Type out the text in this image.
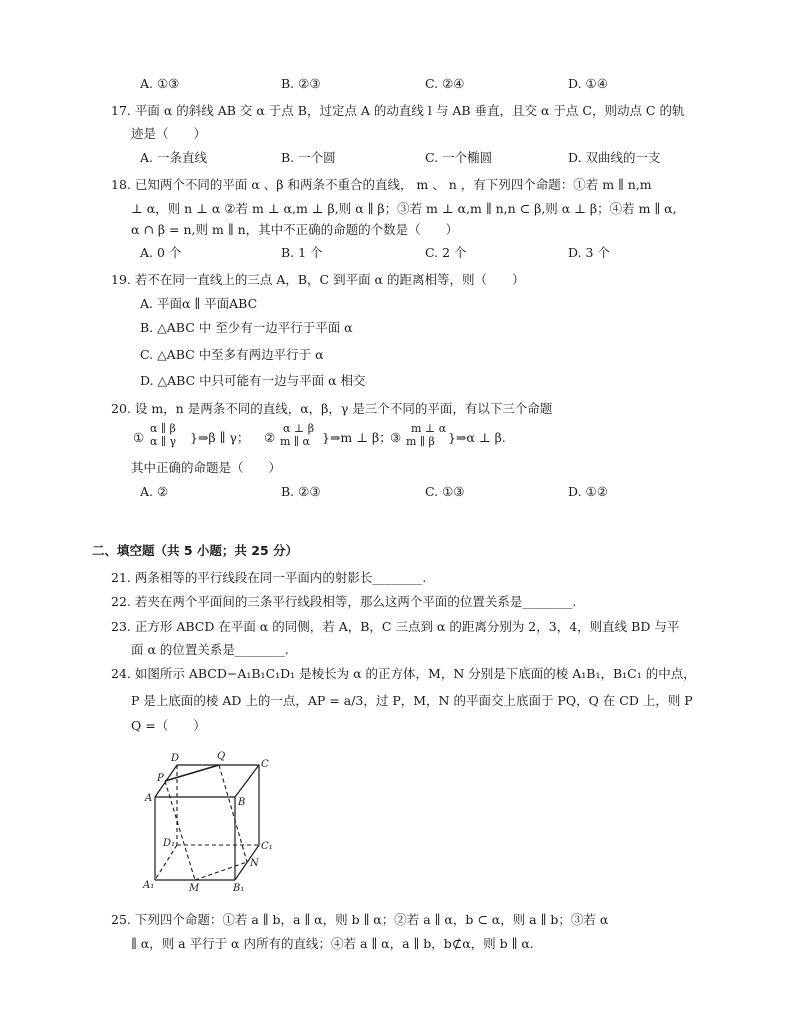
A. ①③	B. ②③	C. ②④	D. ①④
17. 平面 α 的斜线 AB 交 α 于点 B，过定点 A 的动直线 l 与 AB 垂直，且交 α 于点 C，则动点 C 的轨
迹是（　　）
A. 一条直线	B. 一个圆	C. 一个椭圆	D. 双曲线的一支
18. 已知两个不同的平面 α 、β 和两条不重合的直线， m 、 n ，有下列四个命题：①若 m ∥ n,m
⊥ α，则 n ⊥ α ②若 m ⊥ α,m ⊥ β,则 α ∥ β；③若 m ⊥ α,m ∥ n,n ⊂ β,则 α ⊥ β；④若 m ∥ α,
α ∩ β = n,则 m ∥ n，其中不正确的命题的个数是（　　）
A. 0 个	B. 1 个	C. 2 个	D. 3 个
19. 若不在同一直线上的三点 A，B，C 到平面 α 的距离相等，则（　　）
A. 平面α ∥ 平面ABC
B. △ABC 中 至少有一边平行于平面 α
C. △ABC 中至多有两边平行于 α
D. △ABC 中只可能有一边与平面 α 相交
20. 设 m，n 是两条不同的直线，α，β，γ 是三个不同的平面，有以下三个命题
①
α ∥ β
α ∥ γ }⇒β ∥ γ； ②
α ⊥ β
m ∥ α }⇒m ⊥ β；
③
m ⊥ α
m ∥ β }⇒α ⊥ β.
其中正确的命题是（　　）
A. ②	B. ②③	C. ①③	D. ①②
二、填空题（共 5 小题；共 25 分）
21. 两条相等的平行线段在同一平面内的射影长________.
22. 若夹在两个平面间的三条平行线段相等，那么这两个平面的位置关系是________.
23. 正方形 ABCD 在平面 α 的同侧，若 A，B，C 三点到 α 的距离分别为 2，3，4，则直线 BD 与平
面 α 的位置关系是________.
24. 如图所示 ABCD−A₁B₁C₁D₁ 是棱长为 α 的正方体，M，N 分别是下底面的棱 A₁B₁，B₁C₁ 的中点，
P 是上底面的棱 AD 上的一点，AP = a/3，过 P，M，N 的平面交上底面于 PQ，Q 在 CD 上，则 P
Q =（　　）
D	Q
C
P
A	B
D₁	C₁
N
A₁	M	B₁
25. 下列四个命题：①若 a ∥ b，a ∥ α，则 b ∥ α；②若 a ∥ α，b ⊂ α，则 a ∥ b；③若 α
∥ α，则 a 平行于 α 内所有的直线；④若 a ∥ α，a ∥ b，b⊄α，则 b ∥ α.
